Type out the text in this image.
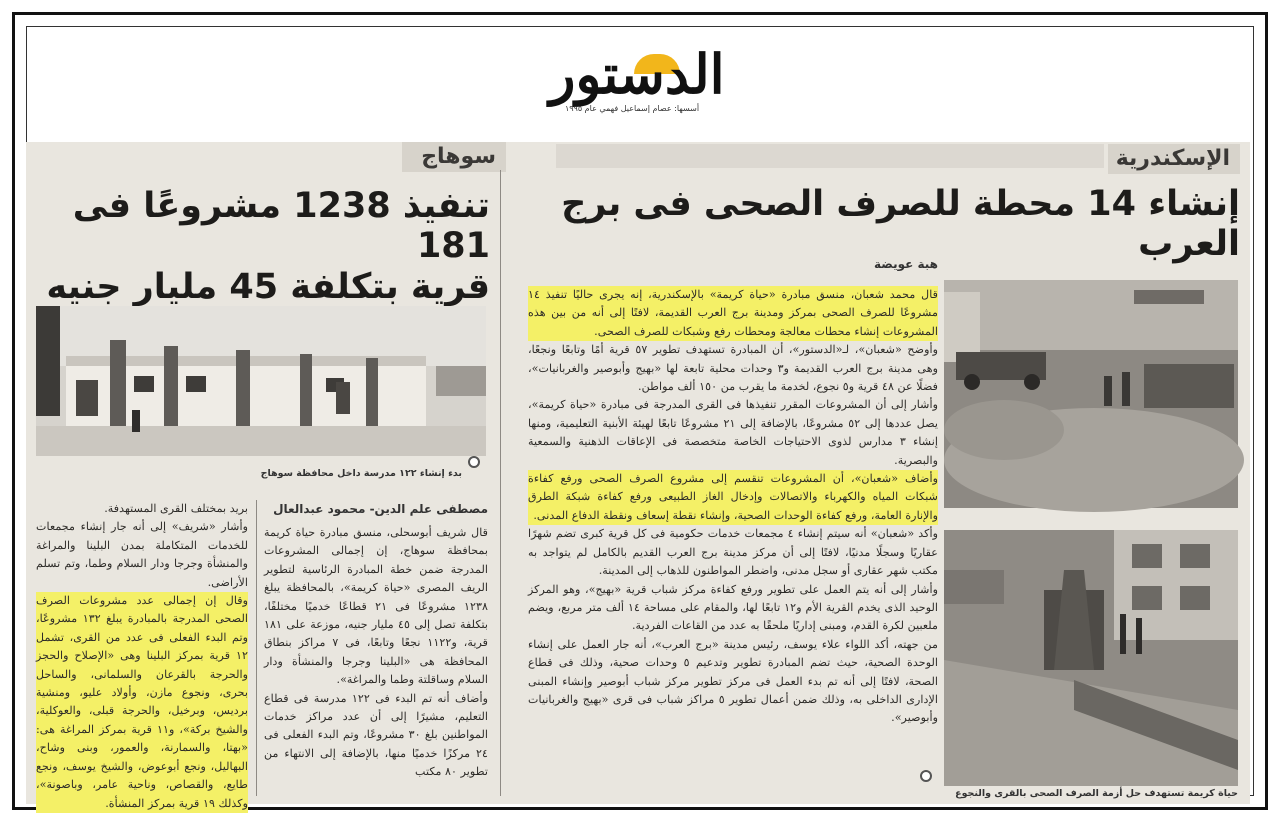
الدستور
أسسها: عصام إسماعيل فهمي عام ١٩٩٥
الإسكندرية
إنشاء 14 محطة للصرف الصحى فى برج العرب
هبة عويضة

قال محمد شعبان، منسق مبادرة «حياة كريمة» بالإسكندرية، إنه يجرى حاليًا تنفيذ ١٤ مشروعًا للصرف الصحى بمركز ومدينة برج العرب القديمة، لافتًا إلى أنه من بين هذه المشروعات إنشاء محطات معالجة ومحطات رفع وشبكات للصرف الصحى.

وأوضح «شعبان»، لـ«الدستور»، أن المبادرة تستهدف تطوير ٥٧ قرية أمًا وتابعًا ونجعًا، وهى مدينة برج العرب القديمة و٣ وحدات محلية تابعة لها «بهيج وأبوصير والغربانيات»، فضلًا عن ٤٨ قرية و٥ نجوع، لخدمة ما يقرب من ١٥٠ ألف مواطن.

وأشار إلى أن المشروعات المقرر تنفيذها فى القرى المدرجة فى مبادرة «حياة كريمة»، يصل عددها إلى ٥٢ مشروعًا، بالإضافة إلى ٢١ مشروعًا تابعًا لهيئة الأبنية التعليمية، ومنها إنشاء ٣ مدارس لذوى الاحتياجات الخاصة متخصصة فى الإعاقات الذهنية والسمعية والبصرية.

وأضاف «شعبان»، أن المشروعات تنقسم إلى مشروع الصرف الصحى ورفع كفاءة شبكات المياه والكهرباء والاتصالات وإدخال الغاز الطبيعى ورفع كفاءة شبكة الطرق والإنارة العامة، ورفع كفاءة الوحدات الصحية، وإنشاء نقطة إسعاف ونقطة الدفاع المدنى.

وأكد «شعبان» أنه سيتم إنشاء ٤ مجمعات خدمات حكومية فى كل قرية كبرى تضم شهرًا عقاريًا وسجلًا مدنيًا، لافتًا إلى أن مركز مدينة برج العرب القديم بالكامل لم يتواجد به مكتب شهر عقارى أو سجل مدنى، واضطر المواطنون للذهاب إلى المدينة.

وأشار إلى أنه يتم العمل على تطوير ورفع كفاءة مركز شباب قرية «بهيج»، وهو المركز الوحيد الذى يخدم القرية الأم و١٢ تابعًا لها، والمقام على مساحة ١٤ ألف متر مربع، ويضم ملعبين لكرة القدم، ومبنى إداريًا ملحقًا به عدد من القاعات الفردية.

من جهته، أكد اللواء علاء يوسف، رئيس مدينة «برج العرب»، أنه جار العمل على إنشاء الوحدة الصحية، حيث تضم المبادرة تطوير وتدعيم ٥ وحدات صحية، وذلك فى قطاع الصحة، لافتًا إلى أنه تم بدء العمل فى مركز تطوير مركز شباب أبوصير وإنشاء المبنى الإدارى الداخلى به، وذلك ضمن أعمال تطوير ٥ مراكز شباب فى قرى «بهيج والغربانيات وأبوصير».

حياة كريمة تستهدف حل أزمة الصرف الصحى بالقرى والنجوع
سوهاج
تنفيذ 1238 مشروعًا فى 181
قرية بتكلفة 45 مليار جنيه
بدء إنشاء ١٢٢ مدرسة داخل محافظة سوهاج
مصطفى علم الدين- محمود عبدالعال

قال شريف أبوسحلى، منسق مبادرة حياة كريمة بمحافظة سوهاج، إن إجمالى المشروعات المدرجة ضمن خطة المبادرة الرئاسية لتطوير الريف المصرى «حياة كريمة»، بالمحافظة يبلغ ١٢٣٨ مشروعًا فى ٢١ قطاعًا خدميًا مختلفًا، بتكلفة تصل إلى ٤٥ مليار جنيه، موزعة على ١٨١ قرية، و١١٢٢ نجعًا وتابعًا، فى ٧ مراكز بنطاق المحافظة هى «البلينا وجرجا والمنشأة ودار السلام وساقلتة وطما والمراغة».

وأضاف أنه تم البدء فى ١٢٢ مدرسة فى قطاع التعليم، مشيرًا إلى أن عدد مراكز خدمات المواطنين بلغ ٣٠ مشروعًا، وتم البدء الفعلى فى ٢٤ مركزًا خدميًا منها، بالإضافة إلى الانتهاء من تطوير ٨٠ مكتب

بريد بمختلف القرى المستهدفة.

وأشار «شريف» إلى أنه جار إنشاء مجمعات للخدمات المتكاملة بمدن البلينا والمراغة والمنشأة وجرجا ودار السلام وطما، وتم تسلم الأراضى.

وقال إن إجمالى عدد مشروعات الصرف الصحى المدرجة بالمبادرة يبلغ ١٣٢ مشروعًا، وتم البدء الفعلى فى عدد من القرى، تشمل ١٢ قرية بمركز البلينا وهى «الإصلاح والحجز والحرجة بالقرعان والسلمانى، والساحل بحرى، ونجوع مازن، وأولاد عليو، ومنشية برديس، وبرخيل، والحرجة قبلى، والعوكلية، والشيخ بركة»، و١١ قرية بمركز المراغة هى: «بهتا، والسمارنة، والعمور، وبنى وشاح، البهاليل، ونجع أبوعوض، والشيخ يوسف، ونجع طايع، والقصاص، وناحية عامر، وباصونة»، وكذلك ١٩ قرية بمركز المنشأة.
